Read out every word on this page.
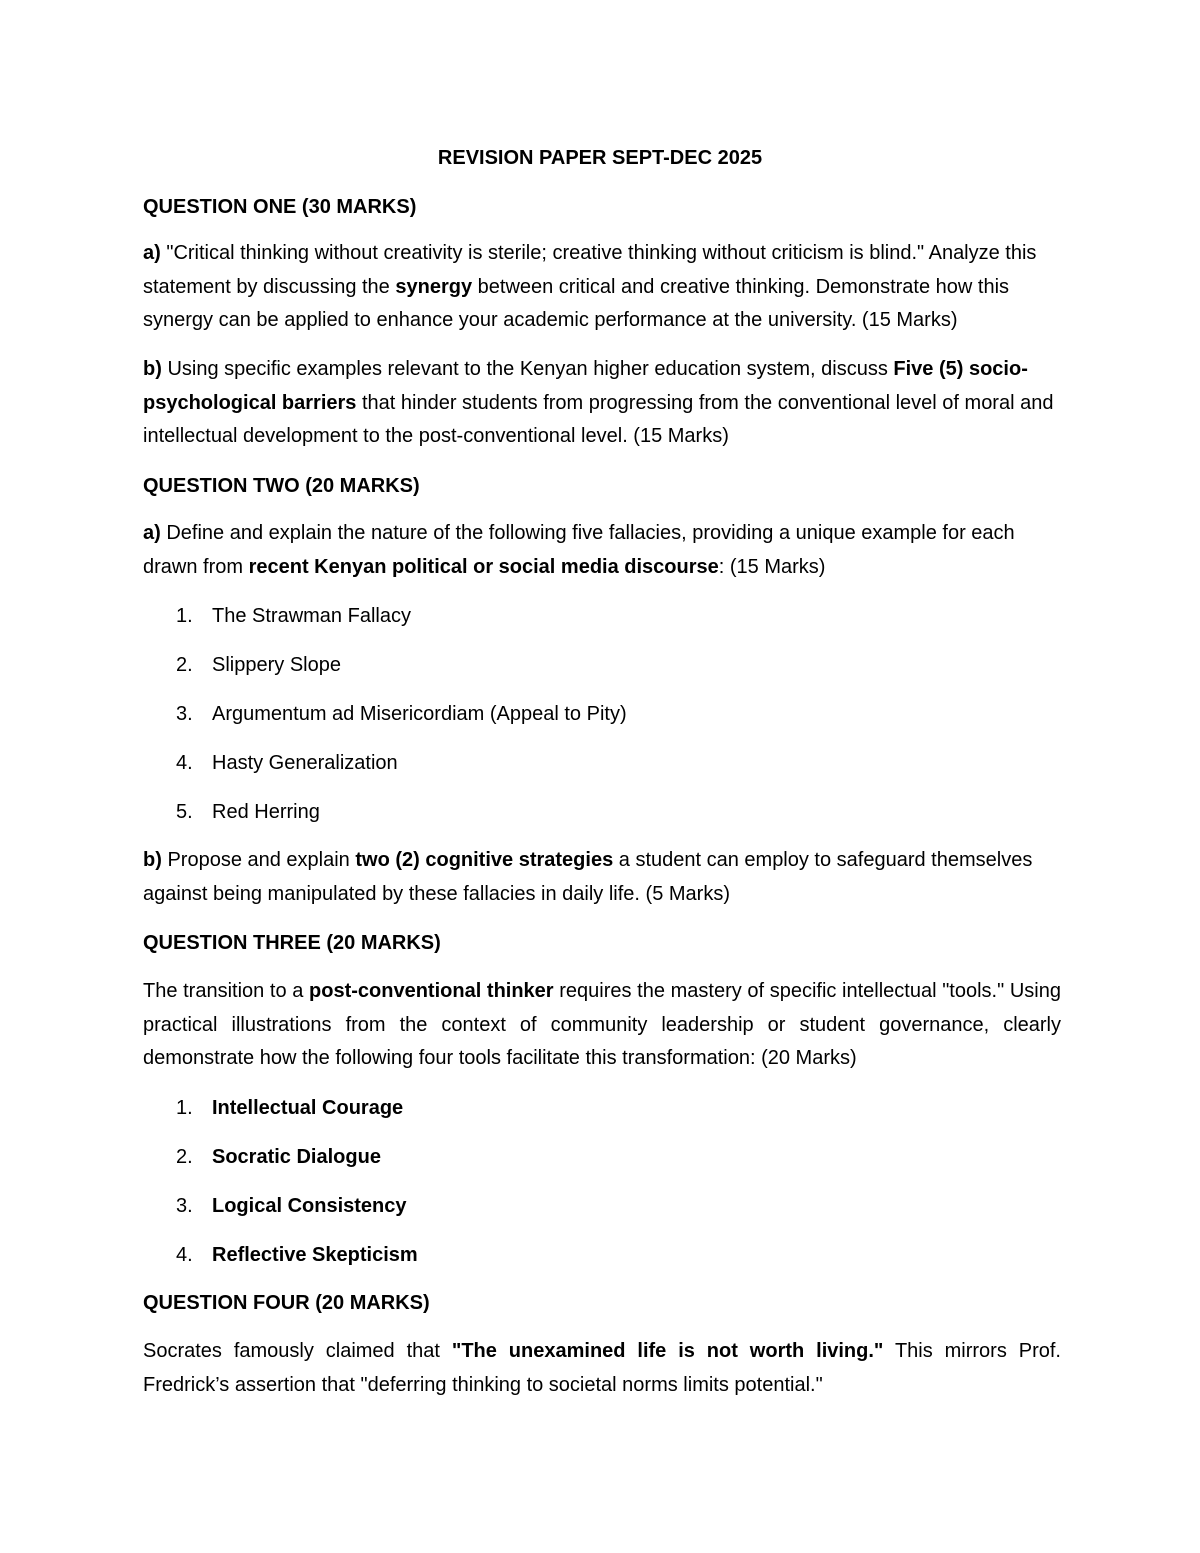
REVISION PAPER SEPT-DEC 2025
QUESTION ONE (30 MARKS)
a) "Critical thinking without creativity is sterile; creative thinking without criticism is blind." Analyze this statement by discussing the synergy between critical and creative thinking. Demonstrate how this synergy can be applied to enhance your academic performance at the university. (15 Marks)
b) Using specific examples relevant to the Kenyan higher education system, discuss Five (5) socio-psychological barriers that hinder students from progressing from the conventional level of moral and intellectual development to the post-conventional level. (15 Marks)
QUESTION TWO (20 MARKS)
a) Define and explain the nature of the following five fallacies, providing a unique example for each drawn from recent Kenyan political or social media discourse: (15 Marks)
1. The Strawman Fallacy
2. Slippery Slope
3. Argumentum ad Misericordiam (Appeal to Pity)
4. Hasty Generalization
5. Red Herring
b) Propose and explain two (2) cognitive strategies a student can employ to safeguard themselves against being manipulated by these fallacies in daily life. (5 Marks)
QUESTION THREE (20 MARKS)
The transition to a post-conventional thinker requires the mastery of specific intellectual "tools." Using practical illustrations from the context of community leadership or student governance, clearly demonstrate how the following four tools facilitate this transformation: (20 Marks)
1. Intellectual Courage
2. Socratic Dialogue
3. Logical Consistency
4. Reflective Skepticism
QUESTION FOUR (20 MARKS)
Socrates famously claimed that "The unexamined life is not worth living." This mirrors Prof. Fredrick’s assertion that "deferring thinking to societal norms limits potential."
